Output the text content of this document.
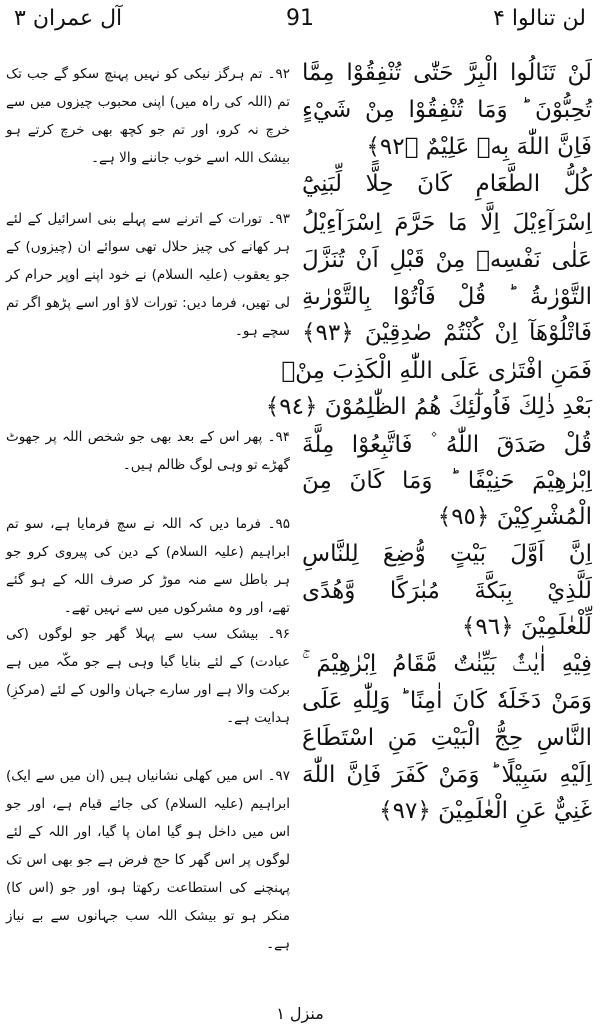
لن تنالوا ۴
91
آل عمران ۳
لَنْ تَنَالُوا الْبِرَّ حَتّٰى تُنْفِقُوْا مِمَّا
تُحِبُّوْنَ ؕ وَمَا تُنْفِقُوْا مِنْ شَيْءٍ
فَاِنَّ اللّٰهَ بِهٖ عَلِيْمٌ ﴿٩٢﴾
كُلُّ الطَّعَامِ كَانَ حِلًّا لِّبَنِيْٓ
اِسْرَآءِيْلَ اِلَّا مَا حَرَّمَ اِسْرَآءِيْلُ
عَلٰى نَفْسِهٖ مِنْ قَبْلِ اَنْ تُنَزَّلَ
التَّوْرٰىةُ ؕ قُلْ فَاْتُوْا بِالتَّوْرٰىةِ
فَاتْلُوْهَآ اِنْ كُنْتُمْ صٰدِقِيْنَ ﴿٩٣﴾
فَمَنِ افْتَرٰى عَلَى اللّٰهِ الْكَذِبَ مِنْۢ
بَعْدِ ذٰلِكَ فَاُولٰٓئِكَ هُمُ الظّٰلِمُوْنَ ﴿٩٤﴾
قُلْ صَدَقَ اللّٰهُ ۫ فَاتَّبِعُوْا مِلَّةَ
اِبْرٰهِيْمَ حَنِيْفًا ؕ وَمَا كَانَ مِنَ
الْمُشْرِكِيْنَ ﴿٩٥﴾
اِنَّ اَوَّلَ بَيْتٍ وُّضِعَ لِلنَّاسِ
لَلَّذِيْ بِبَكَّةَ مُبٰرَكًا وَّهُدًى
لِّلْعٰلَمِيْنَ ﴿٩٦﴾
فِيْهِ اٰيٰتٌۢ بَيِّنٰتٌ مَّقَامُ اِبْرٰهِيْمَ ۚ
وَمَنْ دَخَلَهٗ كَانَ اٰمِنًا ؕ وَلِلّٰهِ عَلَى
النَّاسِ حِجُّ الْبَيْتِ مَنِ اسْتَطَاعَ
اِلَيْهِ سَبِيْلًا ؕ وَمَنْ كَفَرَ فَاِنَّ اللّٰهَ
غَنِيٌّ عَنِ الْعٰلَمِيْنَ ﴿٩٧﴾
۹۲۔ تم ہرگز نیکی کو نہیں پہنچ سکو گے جب تک تم (اللہ کی راہ میں) اپنی محبوب چیزوں میں سے خرچ نہ کرو، اور تم جو کچھ بھی خرچ کرتے ہو بیشک اللہ اسے خوب جاننے والا ہے۔
۹۳۔ تورات کے اترنے سے پہلے بنی اسرائیل کے لئے ہر کھانے کی چیز حلال تھی سوائے ان (چیزوں) کے جو یعقوب (علیہ السلام) نے خود اپنے اوپر حرام کر لی تھیں، فرما دیں: تورات لاؤ اور اسے پڑھو اگر تم سچے ہو۔
۹۴۔ پھر اس کے بعد بھی جو شخص اللہ پر جھوٹ گھڑے تو وہی لوگ ظالم ہیں۔
۹۵۔ فرما دیں کہ اللہ نے سچ فرمایا ہے، سو تم ابراہیم (علیہ السلام) کے دین کی پیروی کرو جو ہر باطل سے منہ موڑ کر صرف اللہ کے ہو گئے تھے، اور وہ مشرکوں میں سے نہیں تھے۔
۹۶۔ بیشک سب سے پہلا گھر جو لوگوں (کی عبادت) کے لئے بنایا گیا وہی ہے جو مکّہ میں ہے برکت والا ہے اور سارے جہان والوں کے لئے (مرکزِ) ہدایت ہے۔
۹۷۔ اس میں کھلی نشانیاں ہیں (ان میں سے ایک) ابراہیم (علیہ السلام) کی جائے قیام ہے، اور جو اس میں داخل ہو گیا امان پا گیا، اور اللہ کے لئے لوگوں پر اس گھر کا حج فرض ہے جو بھی اس تک پہنچنے کی استطاعت رکھتا ہو، اور جو (اس کا) منکر ہو تو بیشک اللہ سب جہانوں سے بے نیاز ہے۔
منزل ۱
